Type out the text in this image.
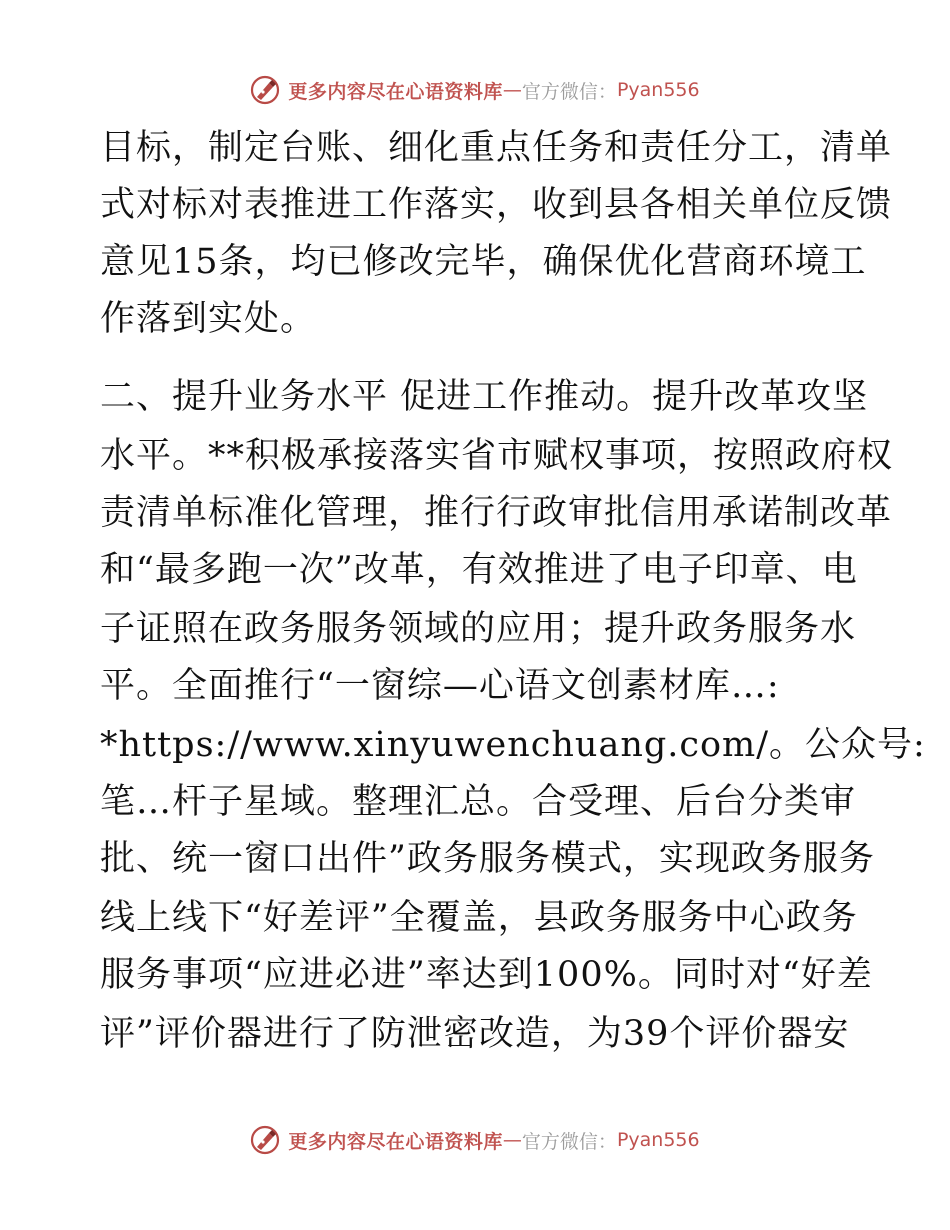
更多内容尽在心语资料库 — 官方微信： Pyan556
目标，制定台账、细化重点任务和责任分工，清单
式对标对表推进工作落实，收到县各相关单位反馈
意见15条，均已修改完毕，确保优化营商环境工
作落到实处。
二、提升业务水平 促进工作推动。提升改革攻坚
水平。**积极承接落实省市赋权事项，按照政府权
责清单标准化管理，推行行政审批信用承诺制改革
和“最多跑一次”改革，有效推进了电子印章、电
子证照在政务服务领域的应用；提升政务服务水
平。全面推行“一窗综—心语文创素材库…:
*https://www.xinyuwenchuang.com/。公众号:
笔…杆子星域。整理汇总。合受理、后台分类审
批、统一窗口出件”政务服务模式，实现政务服务
线上线下“好差评”全覆盖，县政务服务中心政务
服务事项“应进必进”率达到100%。同时对“好差
评”评价器进行了防泄密改造，为39个评价器安
更多内容尽在心语资料库 — 官方微信： Pyan556
